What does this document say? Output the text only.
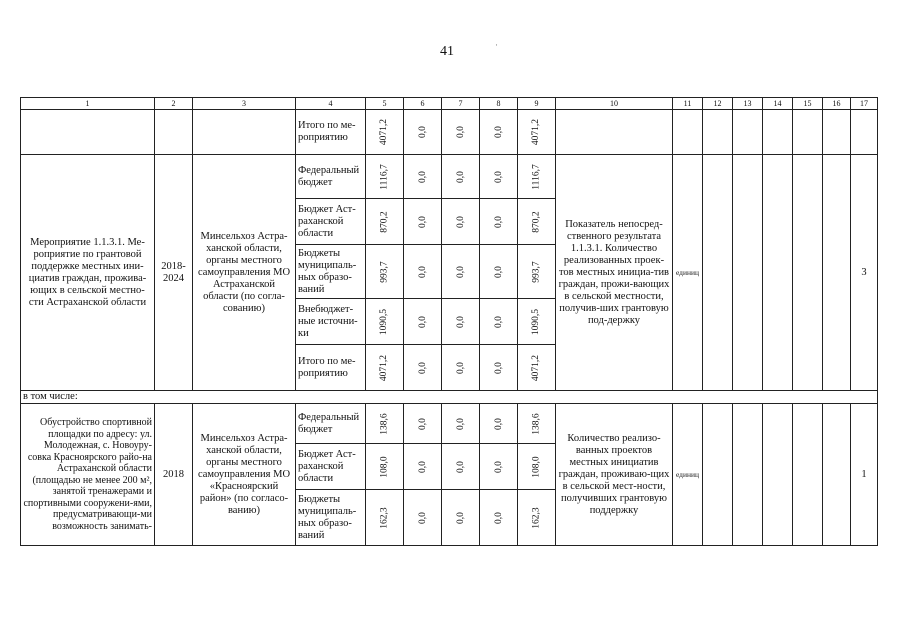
41	·
1	2	3	4	5	6	7	8	9	10	11	12	13	14	15	16	17
			Итого по ме-роприятию	4071,2	0,0	0,0	0,0	4071,2								
Мероприятие 1.1.3.1. Ме-роприятие по грантовой поддержке местных ини-циатив граждан, прожива-ющих в сельской местно-сти Астраханской области	2018-2024	Минсельхоз Астра-ханской области, органы местного самоуправления МО Астраханской области (по согла-сованию)	Федеральный бюджет	1116,7	0,0	0,0	0,0	1116,7	Показатель непосред-ственного результата 1.1.3.1. Количество реализованных проек-тов местных инициа-тив граждан, прожи-вающих в сельской местности, получив-ших грантовую под-держку	единиц						3
			Бюджет Аст-раханской области	870,2	0,0	0,0	0,0	870,2								
			Бюджеты муниципаль-ных образо-ваний	993,7	0,0	0,0	0,0	993,7								
			Внебюджет-ные источни-ки	1090,5	0,0	0,0	0,0	1090,5								
			Итого по ме-роприятию	4071,2	0,0	0,0	0,0	4071,2								
в том числе:																
Обустройство спортивной площадки по адресу: ул. Молодежная, с. Новоуру-совка Красноярского райо-на Астраханской области (площадью не менее 200 м², занятой тренажерами и спортивными сооружени-ями, предусматривающи-ми возможность занимать-	2018	Минсельхоз Астра-ханской области, органы местного самоуправления МО «Красноярский район» (по согласо-ванию)	Федеральный бюджет	138,6	0,0	0,0	0,0	138,6	Количество реализо-ванных проектов местных инициатив граждан, проживаю-щих в сельской мест-ности, получивших грантовую поддержку	единиц						1
			Бюджет Аст-раханской области	108,0	0,0	0,0	0,0	108,0								
			Бюджеты муниципаль-ных образо-ваний	162,3	0,0	0,0	0,0	162,3								
